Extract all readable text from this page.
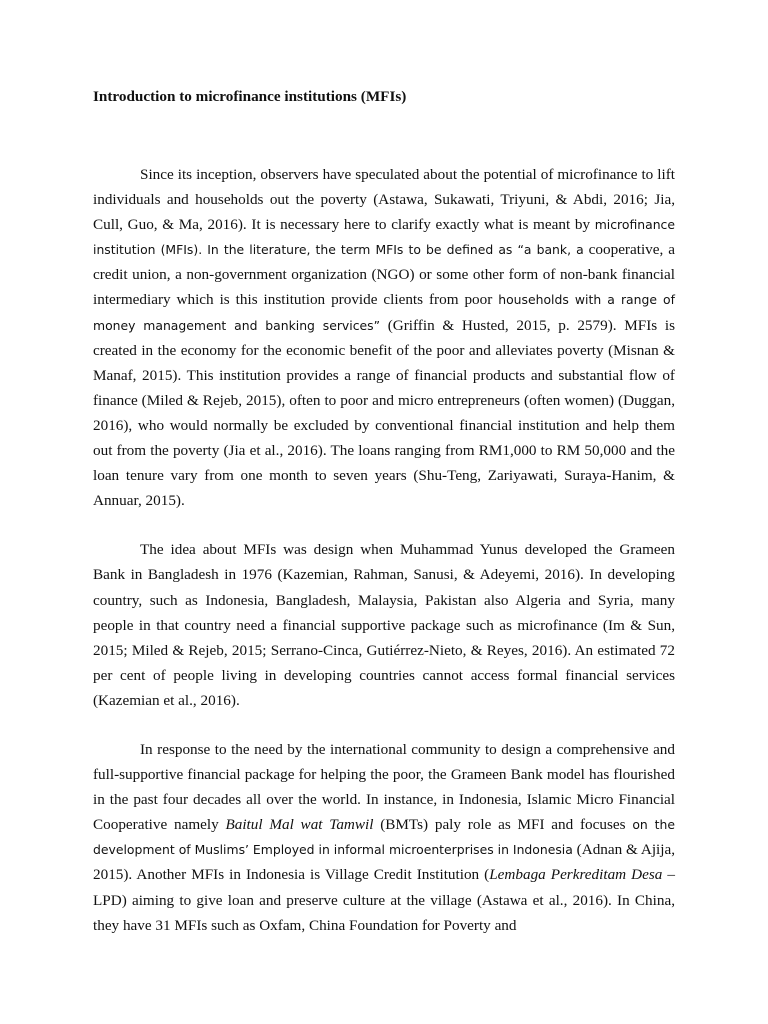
Introduction to microfinance institutions (MFIs)

Since its inception, observers have speculated about the potential of microfinance to lift individuals and households out the poverty (Astawa, Sukawati, Triyuni, & Abdi, 2016; Jia, Cull, Guo, & Ma, 2016). It is necessary here to clarify exactly what is meant by microfinance institution (MFIs). In the literature, the term MFIs to be defined as “a bank, a cooperative, a credit union, a non-government organization (NGO) or some other form of non-bank financial intermediary which is this institution provide clients from poor households with a range of money management and banking services” (Griffin & Husted, 2015, p. 2579). MFIs is created in the economy for the economic benefit of the poor and alleviates poverty (Misnan & Manaf, 2015). This institution provides a range of financial products and substantial flow of finance (Miled & Rejeb, 2015), often to poor and micro entrepreneurs (often women) (Duggan, 2016), who would normally be excluded by conventional financial institution and help them out from the poverty (Jia et al., 2016). The loans ranging from RM1,000 to RM 50,000 and the loan tenure vary from one month to seven years (Shu-Teng, Zariyawati, Suraya-Hanim, & Annuar, 2015).

The idea about MFIs was design when Muhammad Yunus developed the Grameen Bank in Bangladesh in 1976 (Kazemian, Rahman, Sanusi, & Adeyemi, 2016). In developing country, such as Indonesia, Bangladesh, Malaysia, Pakistan also Algeria and Syria, many people in that country need a financial supportive package such as microfinance (Im & Sun, 2015; Miled & Rejeb, 2015; Serrano-Cinca, Gutiérrez-Nieto, & Reyes, 2016). An estimated 72 per cent of people living in developing countries cannot access formal financial services (Kazemian et al., 2016).

In response to the need by the international community to design a comprehensive and full-supportive financial package for helping the poor, the Grameen Bank model has flourished in the past four decades all over the world. In instance, in Indonesia, Islamic Micro Financial Cooperative namely Baitul Mal wat Tamwil (BMTs) paly role as MFI and focuses on the development of Muslims’ Employed in informal microenterprises in Indonesia (Adnan & Ajija, 2015). Another MFIs in Indonesia is Village Credit Institution (Lembaga Perkreditam Desa – LPD) aiming to give loan and preserve culture at the village (Astawa et al., 2016). In China, they have 31 MFIs such as Oxfam, China Foundation for Poverty and
